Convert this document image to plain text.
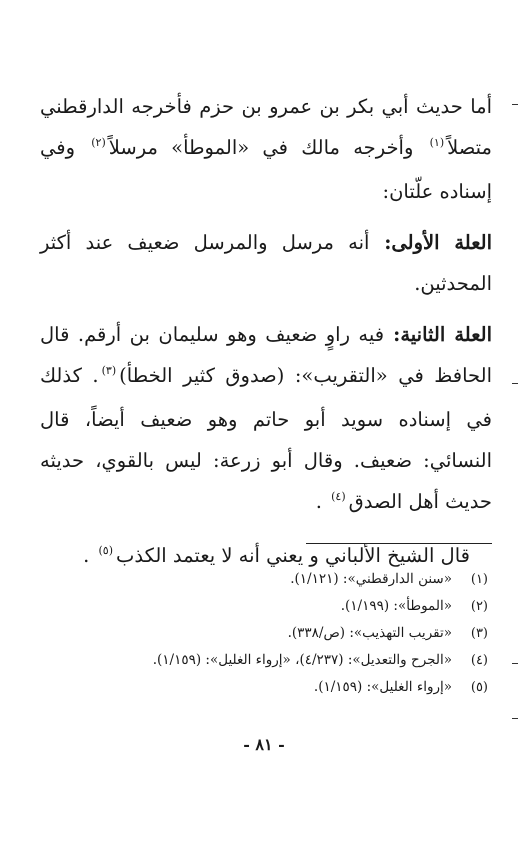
أما حديث أبي بكر بن عمرو بن حزم فأخرجه الدارقطني متصلاً$^{(١)}$ وأخرجه مالك في «الموطأ» مرسلاً$^{(٢)}$ وفي إسناده علّتان:

العلة الأولى: أنه مرسل والمرسل ضعيف عند أكثر المحدثين.

العلة الثانية: فيه راوٍ ضعيف وهو سليمان بن أرقم. قال الحافظ في «التقريب»: (صدوق كثير الخطأ)$^{(٣)}$. كذلك في إسناده سويد أبو حاتم وهو ضعيف أيضاً، قال النسائي: ضعيف. وقال أبو زرعة: ليس بالقوي، حديثه حديث أهل الصدق$^{(٤)}$ .

قال الشيخ الألباني و يعني أنه لا يعتمد الكذب$^{(٥)}$ .

(١)
«سنن الدارقطني»: (١/١٢١).
(٢)
«الموطأ»: (١/١٩٩).
(٣)
«تقريب التهذيب»: (ص/٣٣٨).
(٤)
«الجرح والتعديل»: (٤/٢٣٧)، «إرواء الغليل»: (١/١٥٩).
(٥)
«إرواء الغليل»: (١/١٥٩).
- ٨١ -
